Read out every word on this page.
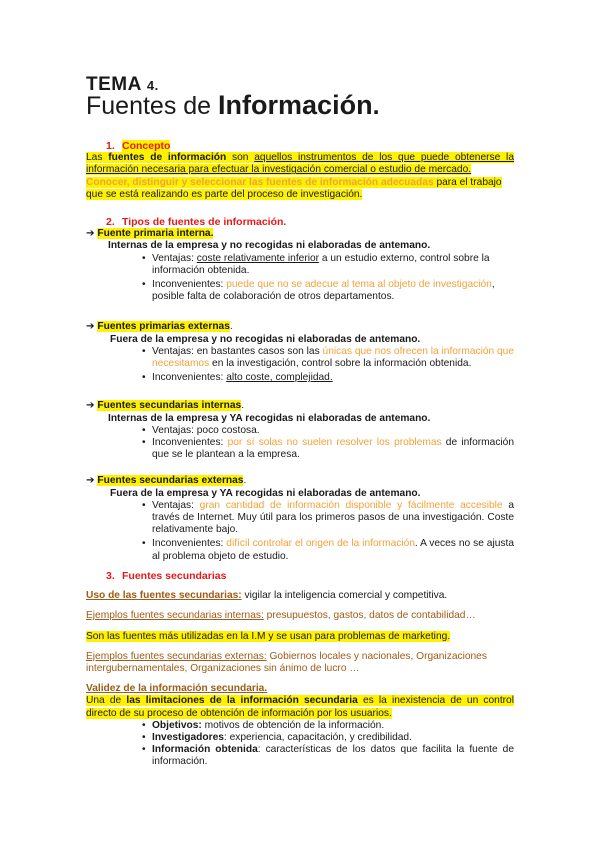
TEMA 4.
Fuentes de Información.
1. Concepto
Las fuentes de información son aquellos instrumentos de los que puede obtenerse la información necesaria para efectuar la investigación comercial o estudio de mercado.
Conocer, distinguir y seleccionar las fuentes de información adecuadas para el trabajo que se está realizando es parte del proceso de investigación.
2. Tipos de fuentes de información.
➔ Fuente primaria interna.
Internas de la empresa y no recogidas ni elaboradas de antemano.
• Ventajas: coste relativamente inferior a un estudio externo, control sobre la información obtenida.
• Inconvenientes: puede que no se adecue al tema al objeto de investigación, posible falta de colaboración de otros departamentos.
➔ Fuentes primarias externas.
Fuera de la empresa y no recogidas ni elaboradas de antemano.
• Ventajas: en bastantes casos son las únicas que nos ofrecen la información que necesitamos en la investigación, control sobre la información obtenida.
• Inconvenientes: alto coste, complejidad.
➔ Fuentes secundarias internas.
Internas de la empresa y YA recogidas ni elaboradas de antemano.
• Ventajas: poco costosa.
• Inconvenientes: por sí solas no suelen resolver los problemas de información que se le plantean a la empresa.
➔ Fuentes secundarias externas.
Fuera de la empresa y YA recogidas ni elaboradas de antemano.
• Ventajas: gran cantidad de información disponible y fácilmente accesible a través de Internet. Muy útil para los primeros pasos de una investigación. Coste relativamente bajo.
• Inconvenientes: difícil controlar el origen de la información. A veces no se ajusta al problema objeto de estudio.
3. Fuentes secundarias
Uso de las fuentes secundarias: vigilar la inteligencia comercial y competitiva.
Ejemplos fuentes secundarias internas: presupuestos, gastos, datos de contabilidad…
Son las fuentes más utilizadas en la I.M y se usan para problemas de marketing.
Ejemplos fuentes secundarias externas: Gobiernos locales y nacionales, Organizaciones intergubernamentales, Organizaciones sin ánimo de lucro …
Validez de la información secundaria.
Una de las limitaciones de la información secundaria es la inexistencia de un control directo de su proceso de obtención de información por los usuarios.
• Objetivos: motivos de obtención de la información.
• Investigadores: experiencia, capacitación, y credibilidad.
• Información obtenida: características de los datos que facilita la fuente de información.
